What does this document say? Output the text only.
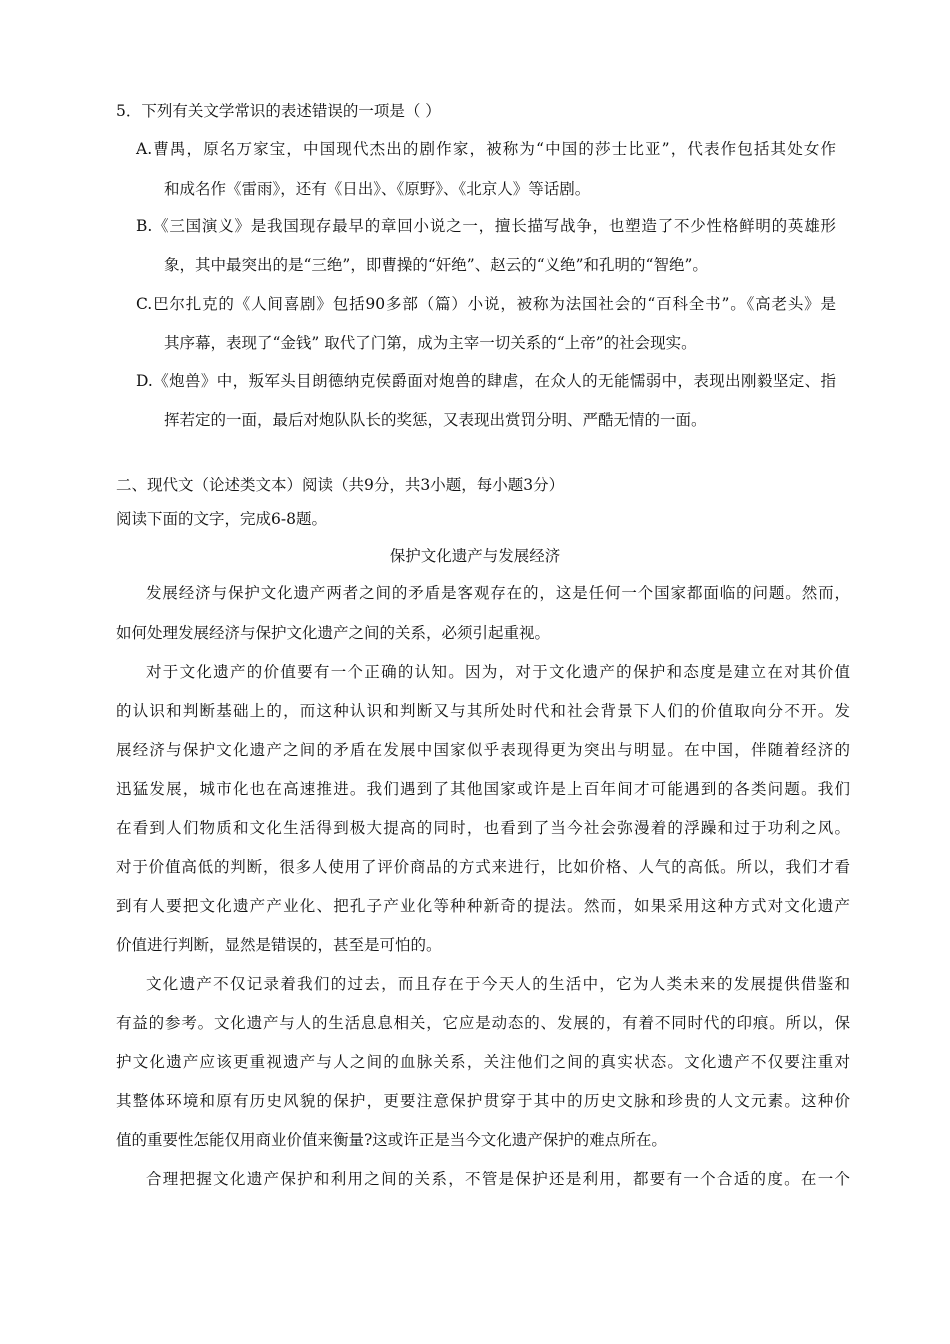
5．下列有关文学常识的表述错误的一项是（ ）
A.曹禺，原名万家宝，中国现代杰出的剧作家，被称为“中国的莎士比亚”，代表作包括其处女作
和成名作《雷雨》，还有《日出》、《原野》、《北京人》等话剧。
B.《三国演义》是我国现存最早的章回小说之一，擅长描写战争，也塑造了不少性格鲜明的英雄形
象，其中最突出的是“三绝”，即曹操的“奸绝”、赵云的“义绝”和孔明的“智绝”。
C.巴尔扎克的《人间喜剧》包括90多部（篇）小说，被称为法国社会的“百科全书”。《高老头》是
其序幕，表现了“金钱” 取代了门第，成为主宰一切关系的“上帝”的社会现实。
D.《炮兽》中，叛军头目朗德纳克侯爵面对炮兽的肆虐，在众人的无能懦弱中，表现出刚毅坚定、指
挥若定的一面，最后对炮队队长的奖惩，又表现出赏罚分明、严酷无情的一面。
二、现代文（论述类文本）阅读（共9分，共3小题，每小题3分）
阅读下面的文字，完成6-8题。
保护文化遗产与发展经济
发展经济与保护文化遗产两者之间的矛盾是客观存在的，这是任何一个国家都面临的问题。然而，
如何处理发展经济与保护文化遗产之间的关系，必须引起重视。
对于文化遗产的价值要有一个正确的认知。因为，对于文化遗产的保护和态度是建立在对其价值
的认识和判断基础上的，而这种认识和判断又与其所处时代和社会背景下人们的价值取向分不开。发
展经济与保护文化遗产之间的矛盾在发展中国家似乎表现得更为突出与明显。在中国，伴随着经济的
迅猛发展，城市化也在高速推进。我们遇到了其他国家或许是上百年间才可能遇到的各类问题。我们
在看到人们物质和文化生活得到极大提高的同时，也看到了当今社会弥漫着的浮躁和过于功利之风。
对于价值高低的判断，很多人使用了评价商品的方式来进行，比如价格、人气的高低。所以，我们才看
到有人要把文化遗产产业化、把孔子产业化等种种新奇的提法。然而，如果采用这种方式对文化遗产
价值进行判断，显然是错误的，甚至是可怕的。
文化遗产不仅记录着我们的过去，而且存在于今天人的生活中，它为人类未来的发展提供借鉴和
有益的参考。文化遗产与人的生活息息相关，它应是动态的、发展的，有着不同时代的印痕。所以，保
护文化遗产应该更重视遗产与人之间的血脉关系，关注他们之间的真实状态。文化遗产不仅要注重对
其整体环境和原有历史风貌的保护，更要注意保护贯穿于其中的历史文脉和珍贵的人文元素。这种价
值的重要性怎能仅用商业价值来衡量?这或许正是当今文化遗产保护的难点所在。
合理把握文化遗产保护和利用之间的关系，不管是保护还是利用，都要有一个合适的度。在一个
